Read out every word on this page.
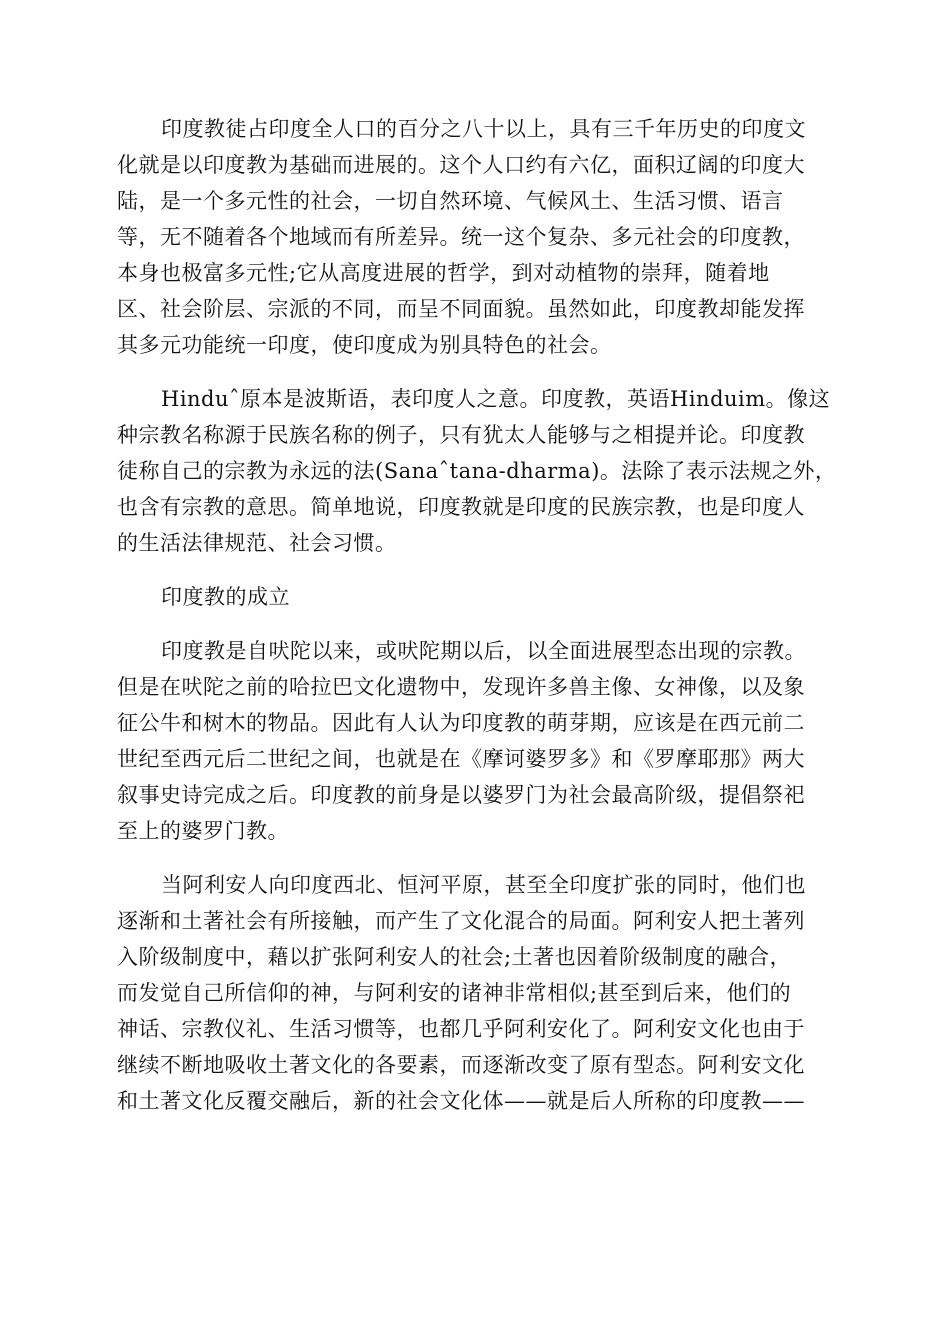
印度教徒占印度全人口的百分之八十以上，具有三千年历史的印度文
化就是以印度教为基础而进展的。这个人口约有六亿，面积辽阔的印度大
陆，是一个多元性的社会，一切自然环境、气候风土、生活习惯、语言
等，无不随着各个地域而有所差异。统一这个复杂、多元社会的印度教，
本身也极富多元性;它从高度进展的哲学，到对动植物的崇拜，随着地
区、社会阶层、宗派的不同，而呈不同面貌。虽然如此，印度教却能发挥
其多元功能统一印度，使印度成为别具特色的社会。

Hinduˆ原本是波斯语，表印度人之意。印度教，英语Hinduim。像这
种宗教名称源于民族名称的例子，只有犹太人能够与之相提并论。印度教
徒称自己的宗教为永远的法(Sanaˆtana-dharma)。法除了表示法规之外，
也含有宗教的意思。简单地说，印度教就是印度的民族宗教，也是印度人
的生活法律规范、社会习惯。

印度教的成立

印度教是自吠陀以来，或吠陀期以后，以全面进展型态出现的宗教。
但是在吠陀之前的哈拉巴文化遗物中，发现许多兽主像、女神像，以及象
征公牛和树木的物品。因此有人认为印度教的萌芽期，应该是在西元前二
世纪至西元后二世纪之间，也就是在《摩诃婆罗多》和《罗摩耶那》两大
叙事史诗完成之后。印度教的前身是以婆罗门为社会最高阶级，提倡祭祀
至上的婆罗门教。

当阿利安人向印度西北、恒河平原，甚至全印度扩张的同时，他们也
逐渐和土著社会有所接触，而产生了文化混合的局面。阿利安人把土著列
入阶级制度中，藉以扩张阿利安人的社会;土著也因着阶级制度的融合，
而发觉自己所信仰的神，与阿利安的诸神非常相似;甚至到后来，他们的
神话、宗教仪礼、生活习惯等，也都几乎阿利安化了。阿利安文化也由于
继续不断地吸收土著文化的各要素，而逐渐改变了原有型态。阿利安文化
和土著文化反覆交融后，新的社会文化体——就是后人所称的印度教——
